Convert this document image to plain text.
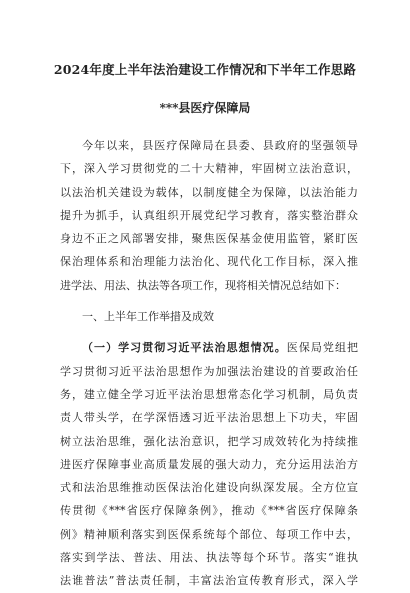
2024年度上半年法治建设工作情况和下半年工作思路
***县医疗保障局
今年以来，县医疗保障局在县委、县政府的坚强领导
下，深入学习贯彻党的二十大精神，牢固树立法治意识，
以法治机关建设为载体，以制度健全为保障，以法治能力
提升为抓手，认真组织开展党纪学习教育，落实整治群众
身边不正之风部署安排，聚焦医保基金使用监管，紧盯医
保治理体系和治理能力法治化、现代化工作目标，深入推
进学法、用法、执法等各项工作，现将相关情况总结如下：
一、上半年工作举措及成效
（一）学习贯彻习近平法治思想情况。医保局党组把
学习贯彻习近平法治思想作为加强法治建设的首要政治任
务，建立健全学习近平法治思想常态化学习机制，局负责
责人带头学，在学深悟透习近平法治思想上下功夫，牢固
树立法治思维，强化法治意识，把学习成效转化为持续推
进医疗保障事业高质量发展的强大动力，充分运用法治方
式和法治思维推动医保法治化建设向纵深发展。全方位宣
传贯彻《***省医疗保障条例》，推动《***省医疗保障条
例》精神顺利落实到医保系统每个部位、每项工作中去，
落实到学法、普法、用法、执法等每个环节。落实“谁执
法谁普法”普法责任制，丰富法治宣传教育形式，深入学
